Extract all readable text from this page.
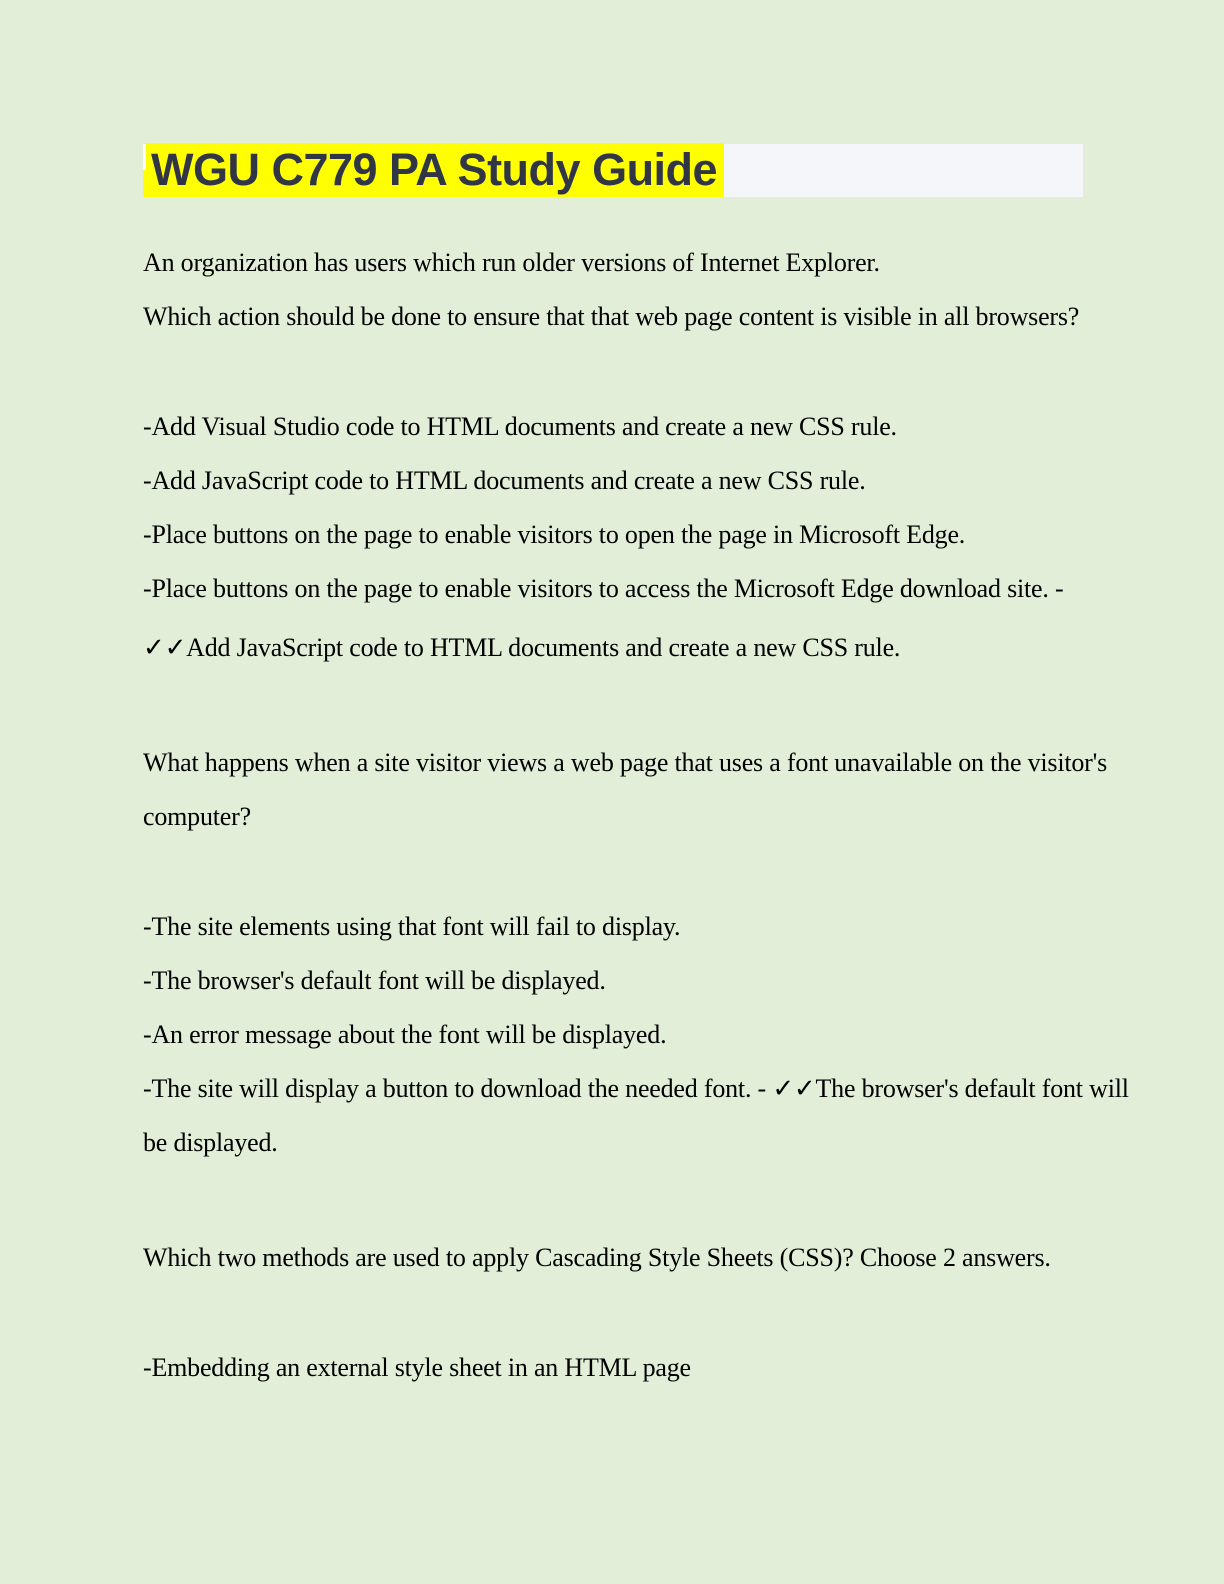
WGU C779 PA Study Guide

An organization has users which run older versions of Internet Explorer.

Which action should be done to ensure that that web page content is visible in all browsers?

-Add Visual Studio code to HTML documents and create a new CSS rule.

-Add JavaScript code to HTML documents and create a new CSS rule.

-Place buttons on the page to enable visitors to open the page in Microsoft Edge.

-Place buttons on the page to enable visitors to access the Microsoft Edge download site. -

✓✓Add JavaScript code to HTML documents and create a new CSS rule.

What happens when a site visitor views a web page that uses a font unavailable on the visitor's

computer?

-The site elements using that font will fail to display.

-The browser's default font will be displayed.

-An error message about the font will be displayed.

-The site will display a button to download the needed font. - ✓✓The browser's default font will

be displayed.

Which two methods are used to apply Cascading Style Sheets (CSS)? Choose 2 answers.

-Embedding an external style sheet in an HTML page
